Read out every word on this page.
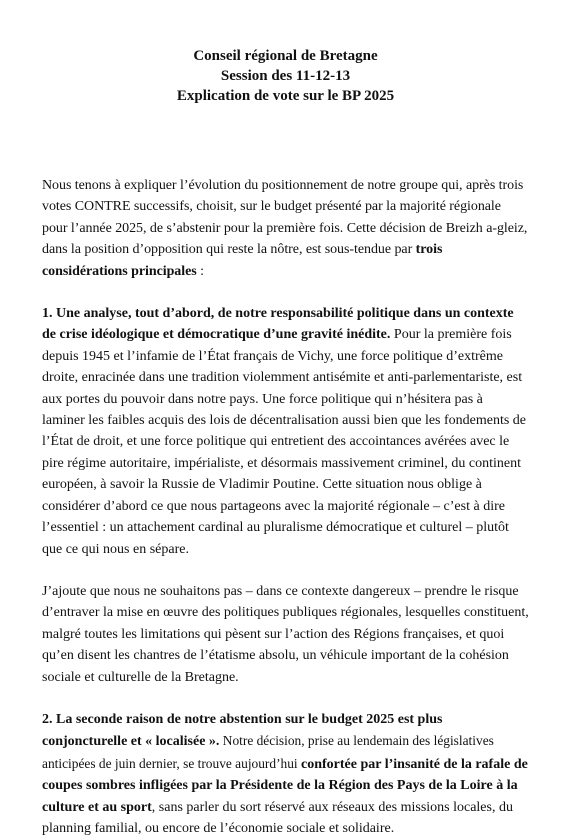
Conseil régional de Bretagne
Session des 11-12-13
Explication de vote sur le BP 2025

Nous tenons à expliquer l’évolution du positionnement de notre groupe qui, après trois votes CONTRE successifs, choisit, sur le budget présenté par la majorité régionale pour l’année 2025, de s’abstenir pour la première fois. Cette décision de Breizh a-gleiz, dans la position d’opposition qui reste la nôtre, est sous-tendue par trois considérations principales :

1. Une analyse, tout d’abord, de notre responsabilité politique dans un contexte de crise idéologique et démocratique d’une gravité inédite. Pour la première fois depuis 1945 et l’infamie de l’État français de Vichy, une force politique d’extrême droite, enracinée dans une tradition violemment antisémite et anti-parlementariste, est aux portes du pouvoir dans notre pays. Une force politique qui n’hésitera pas à laminer les faibles acquis des lois de décentralisation aussi bien que les fondements de l’État de droit, et une force politique qui entretient des accointances avérées avec le pire régime autoritaire, impérialiste, et désormais massivement criminel, du continent européen, à savoir la Russie de Vladimir Poutine. Cette situation nous oblige à considérer d’abord ce que nous partageons avec la majorité régionale – c’est à dire l’essentiel : un attachement cardinal au pluralisme démocratique et culturel – plutôt que ce qui nous en sépare.

J’ajoute que nous ne souhaitons pas – dans ce contexte dangereux – prendre le risque d’entraver la mise en œuvre des politiques publiques régionales, lesquelles constituent, malgré toutes les limitations qui pèsent sur l’action des Régions françaises, et quoi qu’en disent les chantres de l’étatisme absolu, un véhicule important de la cohésion sociale et culturelle de la Bretagne.

2. La seconde raison de notre abstention sur le budget 2025 est plus conjoncturelle et « localisée ». Notre décision, prise au lendemain des législatives anticipées de juin dernier, se trouve aujourd’hui confortée par l’insanité de la rafale de coupes sombres infligées par la Présidente de la Région des Pays de la Loire à la culture et au sport, sans parler du sort réservé aux réseaux des missions locales, du planning familial, ou encore de l’économie sociale et solidaire.
